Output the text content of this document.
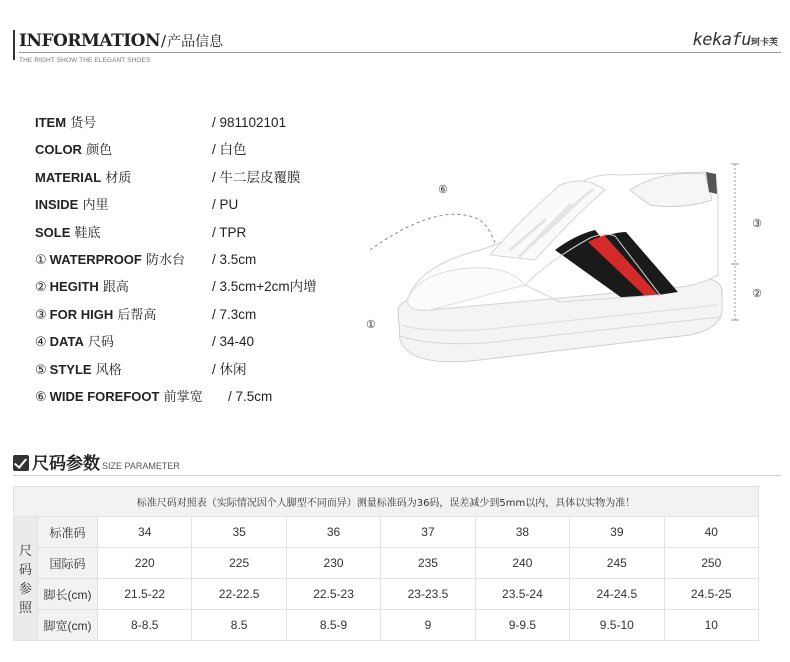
INFORMATION/产品信息
THE RIGHT SHOW THE ELEGANT SHOES
kekafu珂卡芙
ITEM 货号	/ 981102101
COLOR 颜色	/ 白色
MATERIAL 材质	/ 牛二层皮覆膜
INSIDE 内里	/ PU
SOLE 鞋底	/ TPR
① WATERPROOF 防水台 / 3.5cm
② HEGITH 跟高	/ 3.5cm+2cm内增
③ FOR HIGH 后帮高	/ 7.3cm
④ DATA 尺码	/ 34-40
⑤ STYLE 风格	/ 休闲
⑥ WIDE FOREFOOT 前掌宽 / 7.5cm
⑥
①
③
②
尺码参数 SIZE PARAMETER
标准尺码对照表（实际情况因个人脚型不同而异）测量标准码为36码，误差减少到5mm以内，具体以实物为准！								
尺
码
参
照	标准码	34	35	36	37	38	39	40
	国际码	220	225	230	235	240	245	250
	脚长(cm)	21.5-22	22-22.5	22.5-23	23-23.5	23.5-24	24-24.5	24.5-25
	脚宽(cm)	8-8.5	8.5	8.5-9	9	9-9.5	9.5-10	10
